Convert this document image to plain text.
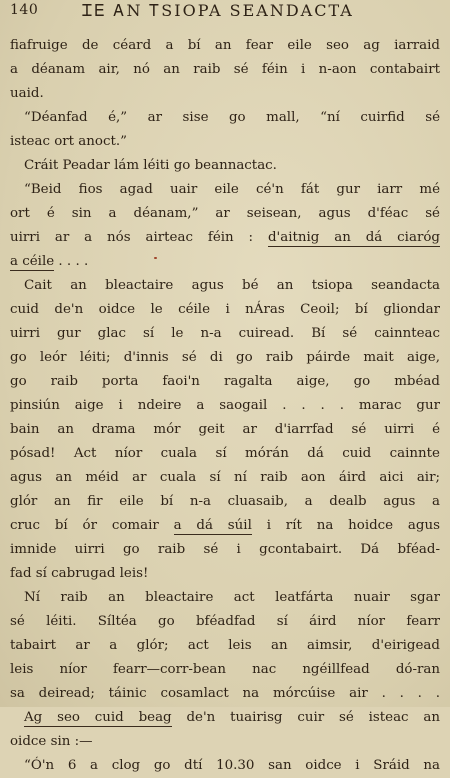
140	ᏆᎬ ᎪN ᎢSIOPA SEANDACTA
fiafruige de céard a bí an fear eile seo ag iarraid
a déanam air, nó an raib sé féin i n-aon contabairt
uaid.
“Déanfad é,” ar sise go mall, “ní cuirfid sé
isteac ort anoct.”
Cráit Peadar lám léiti go beannactac.
“Beid fios agad uair eile cé'n fát gur iarr mé
ort é sin a déanam,” ar seisean, agus d'féac sé
uirri ar a nós airteac féin : d'aitnig an dá ciaróg
a céile . . . .
Cait an bleactaire agus bé an tsiopa seandacta
cuid de'n oidce le céile i nÁras Ceoil; bí gliondar
uirri gur glac sí le n-a cuiread. Bí sé cainnteac
go leór léiti; d'innis sé di go raib páirde mait aige,
go raib porta faoi'n ragalta aige, go mbéad
pinsiún aige i ndeire a saogail . . . . marac gur
bain an drama mór geit ar d'iarrfad sé uirri é
pósad! Act níor cuala sí mórán dá cuid cainnte
agus an méid ar cuala sí ní raib aon áird aici air;
glór an fir eile bí n-a cluasaib, a dealb agus a
cruc bí ór comair a dá súil i rít na hoidce agus
imnide uirri go raib sé i gcontabairt. Dá bféad-
fad sí cabrugad leis!
Ní raib an bleactaire act leatfárta nuair sgar
sé léiti. Síltéa go bféadfad sí áird níor fearr
tabairt ar a glór; act leis an aimsir, d'eirigead
leis níor fearr—corr-bean nac ngéillfead dó-ran
sa deiread; táinic cosamlact na mórcúise air . . . .
Ag seo cuid beag de'n tuairisg cuir sé isteac an
oidce sin :—
“Ó'n 6 a clog go dtí 10.30 san oidce i Sráid na
